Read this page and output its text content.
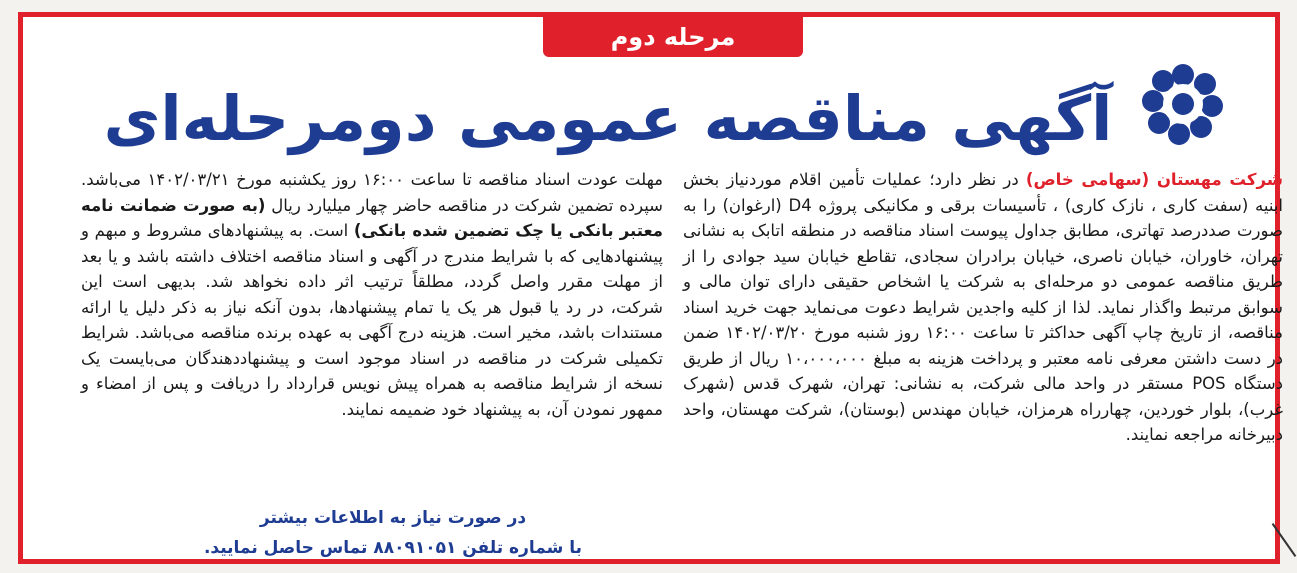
مرحله دوم
آگهی مناقصه عمومی دومرحله‌ای
شرکت مهستان (سهامی خاص) در نظر دارد؛ عملیات تأمین اقلام موردنیاز بخش ابنیه (سفت کاری ، نازک کاری) ، تأسیسات برقی و مکانیکی پروژه D4 (ارغوان) را به صورت صددرصد تهاتری، مطابق جداول پیوست اسناد مناقصه در منطقه اتابک به نشانی تهران، خاوران، خیابان ناصری، خیابان برادران سجادی، تقاطع خیابان سید جوادی را از طریق مناقصه عمومی دو مرحله‌ای به شرکت یا اشخاص حقیقی دارای توان مالی و سوابق مرتبط واگذار نماید. لذا از کلیه واجدین شرایط دعوت می‌نماید جهت خرید اسناد مناقصه، از تاریخ چاپ آگهی حداکثر تا ساعت ۱۶:۰۰ روز شنبه مورخ ۱۴۰۲/۰۳/۲۰ ضمن در دست داشتن معرفی نامه معتبر و پرداخت هزینه به مبلغ ۱۰،۰۰۰،۰۰۰ ریال از طریق دستگاه POS مستقر در واحد مالی شرکت، به نشانی: تهران، شهرک قدس (شهرک غرب)، بلوار خوردین، چهارراه هرمزان، خیابان مهندس (بوستان)، شرکت مهستان، واحد دبیرخانه مراجعه نمایند.
مهلت عودت اسناد مناقصه تا ساعت ۱۶:۰۰ روز یکشنبه مورخ ۱۴۰۲/۰۳/۲۱ می‌باشد. سپرده تضمین شرکت در مناقصه حاضر چهار میلیارد ریال (به صورت ضمانت نامه معتبر بانکی یا چک تضمین شده بانکی) است. به پیشنهادهای مشروط و مبهم و پیشنهادهایی که با شرایط مندرج در آگهی و اسناد مناقصه اختلاف داشته باشد و یا بعد از مهلت مقرر واصل گردد، مطلقاً ترتیب اثر داده نخواهد شد. بدیهی است این شرکت، در رد یا قبول هر یک یا تمام پیشنهادها، بدون آنکه نیاز به ذکر دلیل یا ارائه مستندات باشد، مخیر است. هزینه درج آگهی به عهده برنده مناقصه می‌باشد. شرایط تکمیلی شرکت در مناقصه در اسناد موجود است و پیشنهاددهندگان می‌بایست یک نسخه از شرایط مناقصه به همراه پیش نویس قرارداد را دریافت و پس از امضاء و ممهور نمودن آن، به پیشنهاد خود ضمیمه نمایند.
در صورت نیاز به اطلاعات بیشتر
با شماره تلفن ۸۸۰۹۱۰۵۱ تماس حاصل نمایید.
